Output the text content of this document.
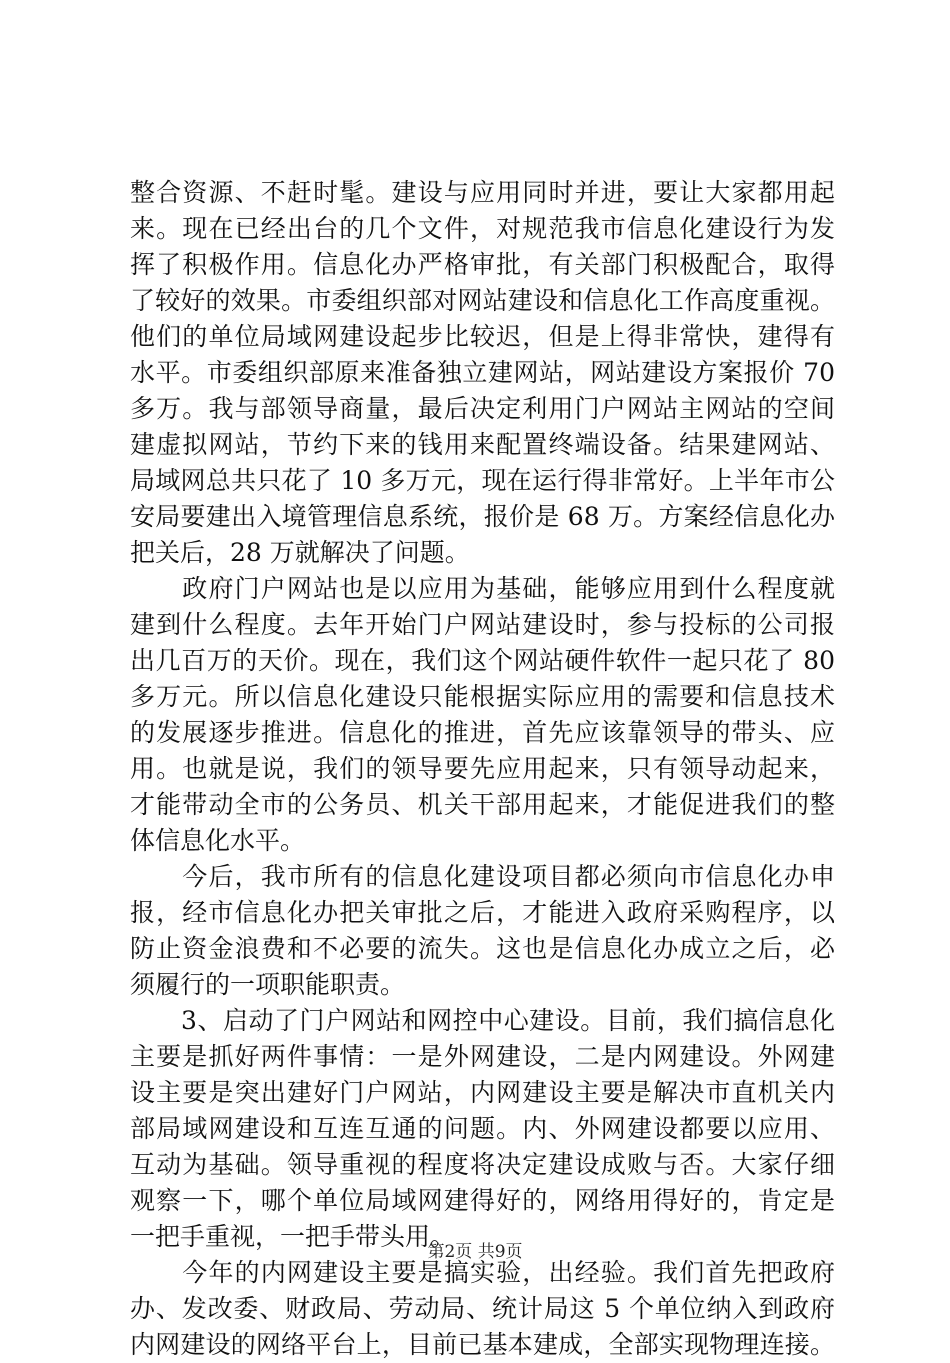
整合资源、不赶时髦。建设与应用同时并进，要让大家都用起
来。现在已经出台的几个文件，对规范我市信息化建设行为发
挥了积极作用。信息化办严格审批，有关部门积极配合，取得
了较好的效果。市委组织部对网站建设和信息化工作高度重视。
他们的单位局域网建设起步比较迟，但是上得非常快，建得有
水平。市委组织部原来准备独立建网站，网站建设方案报价 70
多万。我与部领导商量，最后决定利用门户网站主网站的空间
建虚拟网站，节约下来的钱用来配置终端设备。结果建网站、
局域网总共只花了 10 多万元，现在运行得非常好。上半年市公
安局要建出入境管理信息系统，报价是 68 万。方案经信息化办
把关后，28 万就解决了问题。
　　政府门户网站也是以应用为基础，能够应用到什么程度就
建到什么程度。去年开始门户网站建设时，参与投标的公司报
出几百万的天价。现在，我们这个网站硬件软件一起只花了 80
多万元。所以信息化建设只能根据实际应用的需要和信息技术
的发展逐步推进。信息化的推进，首先应该靠领导的带头、应
用。也就是说，我们的领导要先应用起来，只有领导动起来，
才能带动全市的公务员、机关干部用起来，才能促进我们的整
体信息化水平。
　　今后，我市所有的信息化建设项目都必须向市信息化办申
报，经市信息化办把关审批之后，才能进入政府采购程序，以
防止资金浪费和不必要的流失。这也是信息化办成立之后，必
须履行的一项职能职责。
　　3、启动了门户网站和网控中心建设。目前，我们搞信息化
主要是抓好两件事情：一是外网建设，二是内网建设。外网建
设主要是突出建好门户网站，内网建设主要是解决市直机关内
部局域网建设和互连互通的问题。内、外网建设都要以应用、
互动为基础。领导重视的程度将决定建设成败与否。大家仔细
观察一下，哪个单位局域网建得好的，网络用得好的，肯定是
一把手重视，一把手带头用。
　　今年的内网建设主要是搞实验，出经验。我们首先把政府
办、发改委、财政局、劳动局、统计局这 5 个单位纳入到政府
内网建设的网络平台上，目前已基本建成，全部实现物理连接。
第2页 共9页
